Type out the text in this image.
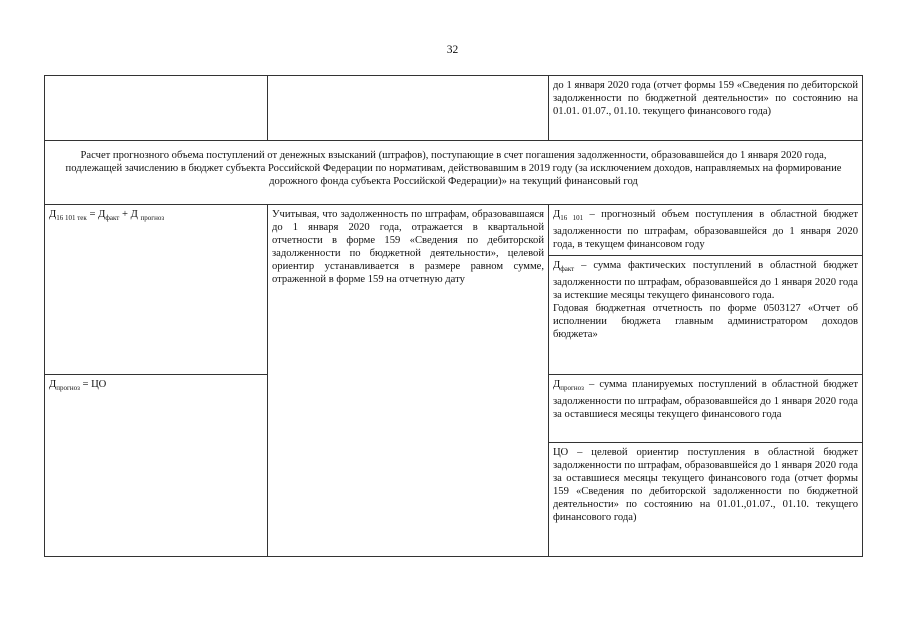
32
		до 1 января 2020 года (отчет формы 159 «Сведения по дебиторской задолженности по бюджетной деятельности» по состоянию на 01.01. 01.07., 01.10. текущего финансового года)
Расчет прогнозного объема поступлений от денежных взысканий (штрафов), поступающие в счет погашения задолженности, образовавшейся до 1 января 2020 года, подлежащей зачислению в бюджет субъекта Российской Федерации по нормативам, действовавшим в 2019 году (за исключением доходов, направляемых на формирование дорожного фонда субъекта Российской Федерации)» на текущий финансовый год		
$Д_{16 101 тек} = Д_{факт} + Д$ $_{прогноз}$	Учитывая, что задолженность по штрафам, образовавшаяся до 1 января 2020 года, отражается в квартальной отчетности в форме 159 «Сведения по дебиторской задолженности по бюджетной деятельности», целевой ориентир устанавливается в размере равном сумме, отраженной в форме 159 на отчетную дату	$Д_{16 101}$ – прогнозный объем поступления в областной бюджет задолженности по штрафам, образовавшейся до 1 января 2020 года, в текущем финансовом году
		$Д_{факт}$ – сумма фактических поступлений в областной бюджет задолженности по штрафам, образовавшейся до 1 января 2020 года за истекшие месяцы текущего финансового года.
Годовая бюджетная отчетность по форме 0503127 «Отчет об исполнении бюджета главным администратором доходов бюджета»
$Д_{прогноз}$ = ЦО		$Д_{прогноз}$ – сумма планируемых поступлений в областной бюджет задолженности по штрафам, образовавшейся до 1 января 2020 года за оставшиеся месяцы текущего финансового года
		ЦО – целевой ориентир поступления в областной бюджет задолженности по штрафам, образовавшейся до 1 января 2020 года за оставшиеся месяцы текущего финансового года (отчет формы 159 «Сведения по дебиторской задолженности по бюджетной деятельности» по состоянию на 01.01.,01.07., 01.10. текущего финансового года)
